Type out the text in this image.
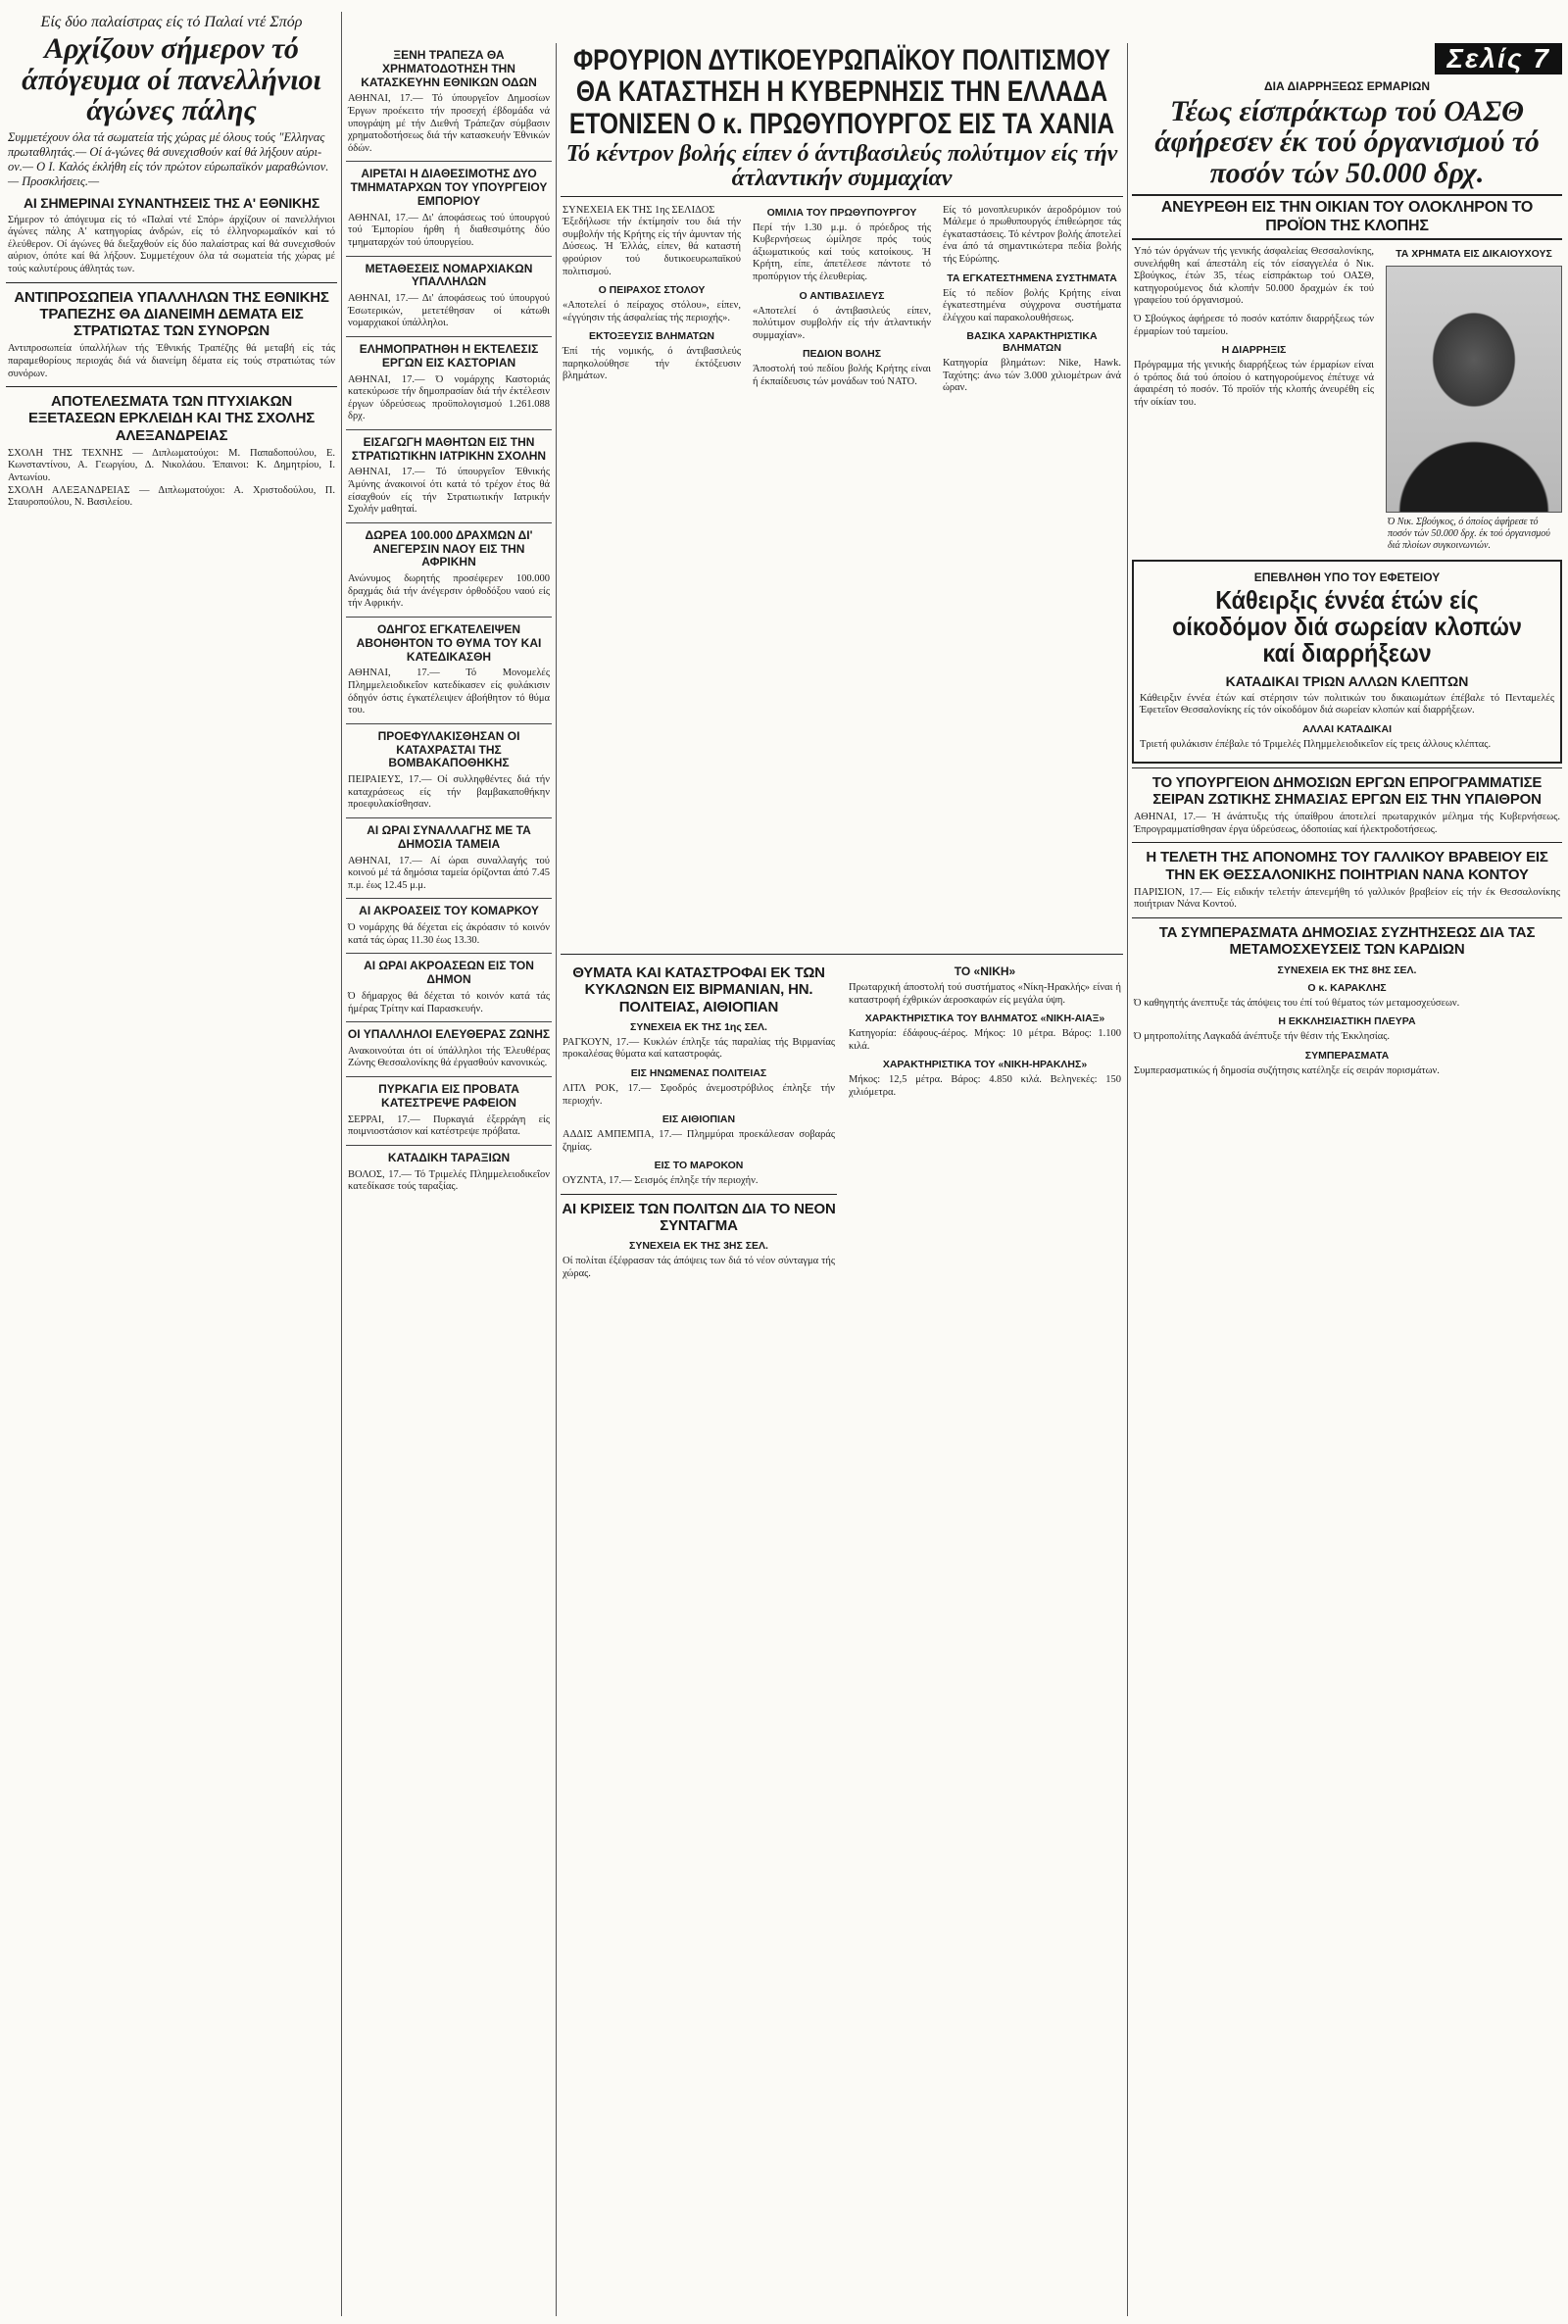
Είς δύο παλαίστρας είς τό Παλαί ντέ Σπόρ
Αρχίζουν σήμερον τό άπόγευμα οί πανελλήνιοι άγώνες πάλης
Συμμετέχουν όλα τά σωματεία τής χώρας μέ όλους τούς "Ελληνας πρωταθλητάς.— Οί ά-γώνες θά συνεχισθούν καί θά λήξουν αύρι-ον.— Ο Ι. Καλός έκλήθη είς τόν πρώτον εύρωπαϊκόν μαραθώνιον.— Προσκλήσεις.—
ΑΙ ΣΗΜΕΡΙΝΑΙ ΣΥΝΑΝΤΗΣΕΙΣ ΤΗΣ Α' ΕΘΝΙΚΗΣ
Σήμερον τό άπόγευμα είς τό «Παλαί ντέ Σπόρ» άρχίζουν οί πανελλήνιοι άγώνες πάλης Α' κατηγορίας άνδρών, είς τό έλληνορωμαϊκόν καί τό έλεύθερον. Οί άγώνες θά διεξαχθούν είς δύο παλαίστρας καί θά συνεχισθούν αύριον, όπότε καί θά λήξουν. Συμμετέχουν όλα τά σωματεία τής χώρας μέ τούς καλυτέρους άθλητάς των.
ΑΝΤΙΠΡΟΣΩΠΕΙΑ ΥΠΑΛΛΗΛΩΝ ΤΗΣ ΕΘΝΙΚΗΣ ΤΡΑΠΕΖΗΣ ΘΑ ΔΙΑΝΕΙΜΗ ΔΕΜΑΤΑ ΕΙΣ ΣΤΡΑΤΙΩΤΑΣ ΤΩΝ ΣΥΝΟΡΩΝ
Αντιπροσωπεία ύπαλλήλων τής Έθνικής Τραπέζης θά μεταβή είς τάς παραμεθορίους περιοχάς διά νά διανείμη δέματα είς τούς στρατιώτας τών συνόρων.
ΑΠΟΤΕΛΕΣΜΑΤΑ ΤΩΝ ΠΤΥΧΙΑΚΩΝ ΕΞΕΤΑΣΕΩΝ ΕΡΚΛΕΙΔΗ ΚΑΙ ΤΗΣ ΣΧΟΛΗΣ ΑΛΕΞΑΝΔΡΕΙΑΣ
ΣΧΟΛΗ ΤΗΣ ΤΕΧΝΗΣ — Διπλωματούχοι: Μ. Παπαδοπούλου, Ε. Κωνσταντίνου, Α. Γεωργίου, Δ. Νικολάου. Έπαινοι: Κ. Δημητρίου, Ι. Αντωνίου.
ΣΧΟΛΗ ΑΛΕΞΑΝΔΡΕΙΑΣ — Διπλωματούχοι: Α. Χριστοδούλου, Π. Σταυροπούλου, Ν. Βασιλείου.
ΞΕΝΗ ΤΡΑΠΕΖΑ ΘΑ ΧΡΗΜΑΤΟΔΟΤΗΣΗ ΤΗΝ ΚΑΤΑΣΚΕΥΗΝ ΕΘΝΙΚΩΝ ΟΔΩΝ
ΑΘΗΝΑΙ, 17.— Τό ύπουργεΐον Δημοσίων Έργων προέκειτο τήν προσεχή έβδομάδα νά υπογράψη μέ τήν Διεθνή Τράπεζαν σύμβασιν χρηματοδοτήσεως διά τήν κατασκευήν Έθνικών όδών.
ΑΙΡΕΤΑΙ Η ΔΙΑΘΕΣΙΜΟΤΗΣ ΔΥΟ ΤΜΗΜΑΤΑΡΧΩΝ ΤΟΥ ΥΠΟΥΡΓΕΙΟΥ ΕΜΠΟΡΙΟΥ
ΑΘΗΝΑΙ, 17.— Δι' άποφάσεως τού ύπουργού τού Έμπορίου ήρθη ή διαθεσιμότης δύο τμηματαρχών τού ύπουργείου.
ΜΕΤΑΘΕΣΕΙΣ ΝΟΜΑΡΧΙΑΚΩΝ ΥΠΑΛΛΗΛΩΝ
ΑΘΗΝΑΙ, 17.— Δι' άποφάσεως τού ύπουργού Έσωτερικών, μετετέθησαν οί κάτωθι νομαρχιακοί ύπάλληλοι.
ΕΛΗΜΟΠΡΑΤΗΘΗ Η ΕΚΤΕΛΕΣΙΣ ΕΡΓΩΝ ΕΙΣ ΚΑΣΤΟΡΙΑΝ
ΑΘΗΝΑΙ, 17.— Ό νομάρχης Καστοριάς κατεκύρωσε τήν δημοπρασίαν διά τήν έκτέλεσιν έργων ύδρεύσεως προϋπολογισμού 1.261.088 δρχ.
ΕΙΣΑΓΩΓΗ ΜΑΘΗΤΩΝ ΕΙΣ ΤΗΝ ΣΤΡΑΤΙΩΤΙΚΗΝ ΙΑΤΡΙΚΗΝ ΣΧΟΛΗΝ
ΑΘΗΝΑΙ, 17.— Τό ύπουργεΐον Έθνικής Άμύνης άνακοινοί ότι κατά τό τρέχον έτος θά είσαχθούν είς τήν Στρατιωτικήν Ιατρικήν Σχολήν μαθηταί.
ΔΩΡΕΑ 100.000 ΔΡΑΧΜΩΝ ΔΙ' ΑΝΕΓΕΡΣΙΝ ΝΑΟΥ ΕΙΣ ΤΗΝ ΑΦΡΙΚΗΝ
Ανώνυμος δωρητής προσέφερεν 100.000 δραχμάς διά τήν άνέγερσιν όρθοδόξου ναού είς τήν Αφρικήν.
ΟΔΗΓΟΣ ΕΓΚΑΤΕΛΕΙΨΕΝ ΑΒΟΗΘΗΤΟΝ ΤΟ ΘΥΜΑ ΤΟΥ ΚΑΙ ΚΑΤΕΔΙΚΑΣΘΗ
ΑΘΗΝΑΙ, 17.— Τό Μονομελές Πλημμελειοδικεΐον κατεδίκασεν είς φυλάκισιν όδηγόν όστις έγκατέλειψεν άβοήθητον τό θύμα του.
ΠΡΟΕΦΥΛΑΚΙΣΘΗΣΑΝ ΟΙ ΚΑΤΑΧΡΑΣΤΑΙ ΤΗΣ ΒΟΜΒΑΚΑΠΟΘΗΚΗΣ
ΠΕΙΡΑΙΕΥΣ, 17.— Οί συλληφθέντες διά τήν καταχράσεως είς τήν βαμβακαποθήκην προεφυλακίσθησαν.
ΑΙ ΩΡΑΙ ΣΥΝΑΛΛΑΓΗΣ ΜΕ ΤΑ ΔΗΜΟΣΙΑ ΤΑΜΕΙΑ
ΑΘΗΝΑΙ, 17.— Αί ώραι συναλλαγής τού κοινού μέ τά δημόσια ταμεία όρίζονται άπό 7.45 π.μ. έως 12.45 μ.μ.
ΑΙ ΑΚΡΟΑΣΕΙΣ ΤΟΥ ΚΟΜΑΡΚΟΥ
Ό νομάρχης θά δέχεται είς άκρόασιν τό κοινόν κατά τάς ώρας 11.30 έως 13.30.
ΑΙ ΩΡΑΙ ΑΚΡΟΑΣΕΩΝ ΕΙΣ ΤΟΝ ΔΗΜΟΝ
Ό δήμαρχος θά δέχεται τό κοινόν κατά τάς ήμέρας Τρίτην καί Παρασκευήν.
ΟΙ ΥΠΑΛΛΗΛΟΙ ΕΛΕΥΘΕΡΑΣ ΖΩΝΗΣ
Ανακοινούται ότι οί ύπάλληλοι τής Έλευθέρας Ζώνης Θεσσαλονίκης θά έργασθούν κανονικώς.
ΠΥΡΚΑΓΙΑ ΕΙΣ ΠΡΟΒΑΤΑ ΚΑΤΕΣΤΡΕΨΕ ΡΑΦΕΙΟΝ
ΣΕΡΡΑΙ, 17.— Πυρκαγιά έξερράγη είς ποιμνιοστάσιον καί κατέστρεψε πρόβατα.
ΚΑΤΑΔΙΚΗ ΤΑΡΑΞΙΩΝ
ΒΟΛΟΣ, 17.— Τό Τριμελές Πλημμελειοδικεΐον κατεδίκασε τούς ταραξίας.
ΦΡΟΥΡΙΟΝ ΔΥΤΙΚΟΕΥΡΩΠΑΪΚΟΥ ΠΟΛΙΤΙΣΜΟΥ ΘΑ ΚΑΤΑΣΤΗΣΗ Η ΚΥΒΕΡΝΗΣΙΣ ΤΗΝ ΕΛΛΑΔΑ ΕΤΟΝΙΣΕΝ Ο κ. ΠΡΩΘΥΠΟΥΡΓΟΣ ΕΙΣ ΤΑ ΧΑΝΙΑ
Τό κέντρον βολής είπεν ό άντιβασιλεύς πολύτιμον είς τήν άτλαντικήν συμμαχίαν
ΣΥΝΕΧΕΙΑ ΕΚ ΤΗΣ 1ης ΣΕΛΙΔΟΣ
Έξεδήλωσε τήν έκτίμησίν του διά τήν συμβολήν τής Κρήτης είς τήν άμυνταν τής Δύσεως. Ή Έλλάς, είπεν, θά καταστή φρούριον τού δυτικοευρωπαϊκού πολιτισμού.
Ο ΠΕΙΡΑΧΟΣ ΣΤΟΛΟΥ
«Αποτελεί ό πείραχος στόλου», είπεν, «έγγύησιν τής άσφαλείας τής περιοχής».
ΕΚΤΟΞΕΥΣΙΣ ΒΛΗΜΑΤΩΝ
Έπί τής νομικής, ό άντιβασιλεύς παρηκολούθησε τήν έκτόξευσιν βλημάτων.
ΟΜΙΛΙΑ ΤΟΥ ΠΡΩΘΥΠΟΥΡΓΟΥ
Περί τήν 1.30 μ.μ. ό πρόεδρος τής Κυβερνήσεως ώμίλησε πρός τούς άξιωματικούς καί τούς κατοίκους. Ή Κρήτη, είπε, άπετέλεσε πάντοτε τό προπύργιον τής έλευθερίας.
Ο ΑΝΤΙΒΑΣΙΛΕΥΣ
«Αποτελεί ό άντιβασιλεύς είπεν, πολύτιμον συμβολήν είς τήν άτλαντικήν συμμαχίαν».
ΠΕΔΙΟΝ ΒΟΛΗΣ
Άποστολή τού πεδίου βολής Κρήτης είναι ή έκπαίδευσις τών μονάδων τού ΝΑΤΟ.
Είς τό μονοπλευρικόν άεροδρόμιον τού Μάλεμε ό πρωθυπουργός έπιθεώρησε τάς έγκαταστάσεις. Τό κέντρον βολής άποτελεί ένα άπό τά σημαντικώτερα πεδία βολής τής Εύρώπης.
ΤΑ ΕΓΚΑΤΕΣΤΗΜΕΝΑ ΣΥΣΤΗΜΑΤΑ
Είς τό πεδίον βολής Κρήτης είναι έγκατεστημένα σύγχρονα συστήματα έλέγχου καί παρακολουθήσεως.
ΒΑΣΙΚΑ ΧΑΡΑΚΤΗΡΙΣΤΙΚΑ ΒΛΗΜΑΤΩΝ
Κατηγορία βλημάτων: Nike, Hawk. Ταχύτης: άνω τών 3.000 χιλιομέτρων άνά ώραν.
ΘΥΜΑΤΑ ΚΑΙ ΚΑΤΑΣΤΡΟΦΑΙ ΕΚ ΤΩΝ ΚΥΚΛΩΝΩΝ ΕΙΣ ΒΙΡΜΑΝΙΑΝ, ΗΝ. ΠΟΛΙΤΕΙΑΣ, ΑΙΘΙΟΠΙΑΝ
ΣΥΝΕΧΕΙΑ ΕΚ ΤΗΣ 1ης ΣΕΛ.
ΡΑΓΚΟΥΝ, 17.— Κυκλών έπληξε τάς παραλίας τής Βιρμανίας προκαλέσας θύματα καί καταστροφάς.
ΕΙΣ ΗΝΩΜΕΝΑΣ ΠΟΛΙΤΕΙΑΣ
ΛΙΤΛ ΡΟΚ, 17.— Σφοδρός άνεμοστρόβιλος έπληξε τήν περιοχήν.
ΕΙΣ ΑΙΘΙΟΠΙΑΝ
ΑΔΔΙΣ ΑΜΠΕΜΠΑ, 17.— Πλημμύραι προεκάλεσαν σοβαράς ζημίας.
ΕΙΣ ΤΟ ΜΑΡΟΚΟΝ
ΟΥΖΝΤΑ, 17.— Σεισμός έπληξε τήν περιοχήν.
ΑΙ ΚΡΙΣΕΙΣ ΤΩΝ ΠΟΛΙΤΩΝ ΔΙΑ ΤΟ ΝΕΟΝ ΣΥΝΤΑΓΜΑ
ΣΥΝΕΧΕΙΑ ΕΚ ΤΗΣ 3ΗΣ ΣΕΛ.
Οί πολίται έξέφρασαν τάς άπόψεις των διά τό νέον σύνταγμα τής χώρας.
ΤΟ «ΝΙΚΗ»
Πρωταρχική άποστολή τού συστήματος «Νίκη-Ηρακλής» είναι ή καταστροφή έχθρικών άεροσκαφών είς μεγάλα ύψη.
ΧΑΡΑΚΤΗΡΙΣΤΙΚΑ ΤΟΥ ΒΛΗΜΑΤΟΣ «ΝΙΚΗ-ΑΙΑΞ»
Κατηγορία: έδάφους-άέρος. Μήκος: 10 μέτρα. Βάρος: 1.100 κιλά.
ΧΑΡΑΚΤΗΡΙΣΤΙΚΑ ΤΟΥ «ΝΙΚΗ-ΗΡΑΚΛΗΣ»
Μήκος: 12,5 μέτρα. Βάρος: 4.850 κιλά. Βεληνεκές: 150 χιλιόμετρα.
Σελίς 7
ΔΙΑ ΔΙΑΡΡΗΞΕΩΣ ΕΡΜΑΡΙΩΝ
Τέως είσπράκτωρ τού ΟΑΣΘ άφήρεσεν έκ τού όργανισμού τό ποσόν τών 50.000 δρχ.
ΑΝΕΥΡΕΘΗ ΕΙΣ ΤΗΝ ΟΙΚΙΑΝ ΤΟΥ ΟΛΟΚΛΗΡΟΝ ΤΟ ΠΡΟΪΟΝ ΤΗΣ ΚΛΟΠΗΣ
Υπό τών όργάνων τής γενικής άσφαλείας Θεσσαλονίκης, συνελήφθη καί άπεστάλη είς τόν είσαγγελέα ό Νικ. Σβούγκος, έτών 35, τέως είσπράκτωρ τού ΟΑΣΘ, κατηγορούμενος διά κλοπήν 50.000 δραχμών έκ τού γραφείου τού όργανισμού.
Ό Σβούγκος άφήρεσε τό ποσόν κατόπιν διαρρήξεως τών έρμαρίων τού ταμείου.
Η ΔΙΑΡΡΗΞΙΣ
Πρόγραμμα τής γενικής διαρρήξεως τών έρμαρίων είναι ό τρόπος διά τού όποίου ό κατηγορούμενος έπέτυχε νά άφαιρέση τό ποσόν. Τό προϊόν τής κλοπής άνευρέθη είς τήν οίκίαν του.
ΤΑ ΧΡΗΜΑΤΑ ΕΙΣ ΔΙΚΑΙΟΥΧΟΥΣ
Ό Νικ. Σβούγκος, ό όποίος άφήρεσε τό ποσόν τών 50.000 δρχ. έκ τού όργανισμού διά πλοίων συγκοινωνιών.
ΕΠΕΒΛΗΘΗ ΥΠΟ ΤΟΥ ΕΦΕΤΕΙΟΥ
Κάθειρξις έννέα έτών είς οίκοδόμον διά σωρείαν κλοπών καί διαρρήξεων
ΚΑΤΑΔΙΚΑΙ ΤΡΙΩΝ ΑΛΛΩΝ ΚΛΕΠΤΩΝ
Κάθειρξιν έννέα έτών καί στέρησιν τών πολιτικών του δικαιωμάτων έπέβαλε τό Πενταμελές Έφετεΐον Θεσσαλονίκης είς τόν οίκοδόμον διά σωρείαν κλοπών καί διαρρήξεων.
ΑΛΛΑΙ ΚΑΤΑΔΙΚΑΙ
Τριετή φυλάκισιν έπέβαλε τό Τριμελές Πλημμελειοδικεΐον είς τρεις άλλους κλέπτας.
ΤΟ ΥΠΟΥΡΓΕΙΟΝ ΔΗΜΟΣΙΩΝ ΕΡΓΩΝ ΕΠΡΟΓΡΑΜΜΑΤΙΣΕ ΣΕΙΡΑΝ ΖΩΤΙΚΗΣ ΣΗΜΑΣΙΑΣ ΕΡΓΩΝ ΕΙΣ ΤΗΝ ΥΠΑΙΘΡΟΝ
ΑΘΗΝΑΙ, 17.— Ή άνάπτυξις τής ύπαίθρου άποτελεί πρωταρχικόν μέλημα τής Κυβερνήσεως. Έπρογραμματίσθησαν έργα ύδρεύσεως, όδοποιίας καί ήλεκτροδοτήσεως.
Η ΤΕΛΕΤΗ ΤΗΣ ΑΠΟΝΟΜΗΣ ΤΟΥ ΓΑΛΛΙΚΟΥ ΒΡΑΒΕΙΟΥ ΕΙΣ ΤΗΝ ΕΚ ΘΕΣΣΑΛΟΝΙΚΗΣ ΠΟΙΗΤΡΙΑΝ ΝΑΝΑ ΚΟΝΤΟΥ
ΠΑΡΙΣΙΟΝ, 17.— Είς ειδικήν τελετήν άπενεμήθη τό γαλλικόν βραβείον είς τήν έκ Θεσσαλονίκης ποιήτριαν Νάνα Κοντού.
ΤΑ ΣΥΜΠΕΡΑΣΜΑΤΑ ΔΗΜΟΣΙΑΣ ΣΥΖΗΤΗΣΕΩΣ ΔΙΑ ΤΑΣ ΜΕΤΑΜΟΣΧΕΥΣΕΙΣ ΤΩΝ ΚΑΡΔΙΩΝ
ΣΥΝΕΧΕΙΑ ΕΚ ΤΗΣ 8ΗΣ ΣΕΛ.
Ο κ. ΚΑΡΑΚΛΗΣ
Ό καθηγητής άνεπτυξε τάς άπόψεις του έπί τού θέματος τών μεταμοσχεύσεων.
Η ΕΚΚΛΗΣΙΑΣΤΙΚΗ ΠΛΕΥΡΑ
Ό μητροπολίτης Λαγκαδά άνέπτυξε τήν θέσιν τής Έκκλησίας.
ΣΥΜΠΕΡΑΣΜΑΤΑ
Συμπερασματικώς ή δημοσία συζήτησις κατέληξε είς σειράν πορισμάτων.
